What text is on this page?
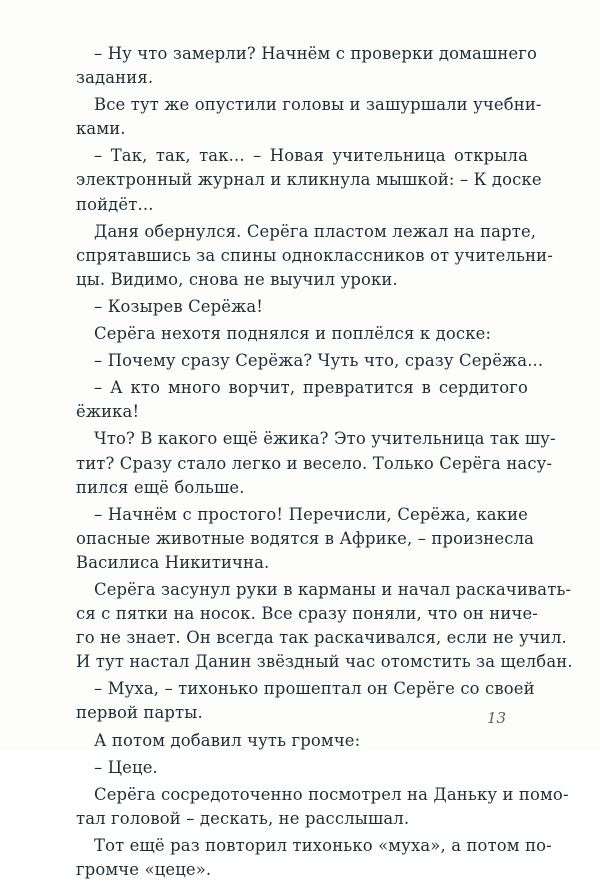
– Ну что замерли? Начнём с проверки домашнего
задания.
Все тут же опустили головы и зашуршали учебни-
ками.
– Так, так, так... – Новая учительница открыла
электронный журнал и кликнула мышкой: – К доске
пойдёт...
Даня обернулся. Серёга пластом лежал на парте,
спрятавшись за спины одноклассников от учительни-
цы. Видимо, снова не выучил уроки.
– Козырев Серёжа!
Серёга нехотя поднялся и поплёлся к доске:
– Почему сразу Серёжа? Чуть что, сразу Серёжа...
– А кто много ворчит, превратится в сердитого
ёжика!
Что? В какого ещё ёжика? Это учительница так шу-
тит? Сразу стало легко и весело. Только Серёга насу-
пился ещё больше.
– Начнём с простого! Перечисли, Серёжа, какие
опасные животные водятся в Африке, – произнесла
Василиса Никитична.
Серёга засунул руки в карманы и начал раскачивать-
ся с пятки на носок. Все сразу поняли, что он ниче-
го не знает. Он всегда так раскачивался, если не учил.
И тут настал Данин звёздный час отомстить за щелбан.
– Муха, – тихонько прошептал он Серёге со своей
первой парты.
А потом добавил чуть громче:
– Цеце.
Серёга сосредоточенно посмотрел на Даньку и помо-
тал головой – дескать, не расслышал.
Тот ещё раз повторил тихонько «муха», а потом по-
громче «цеце».
13
